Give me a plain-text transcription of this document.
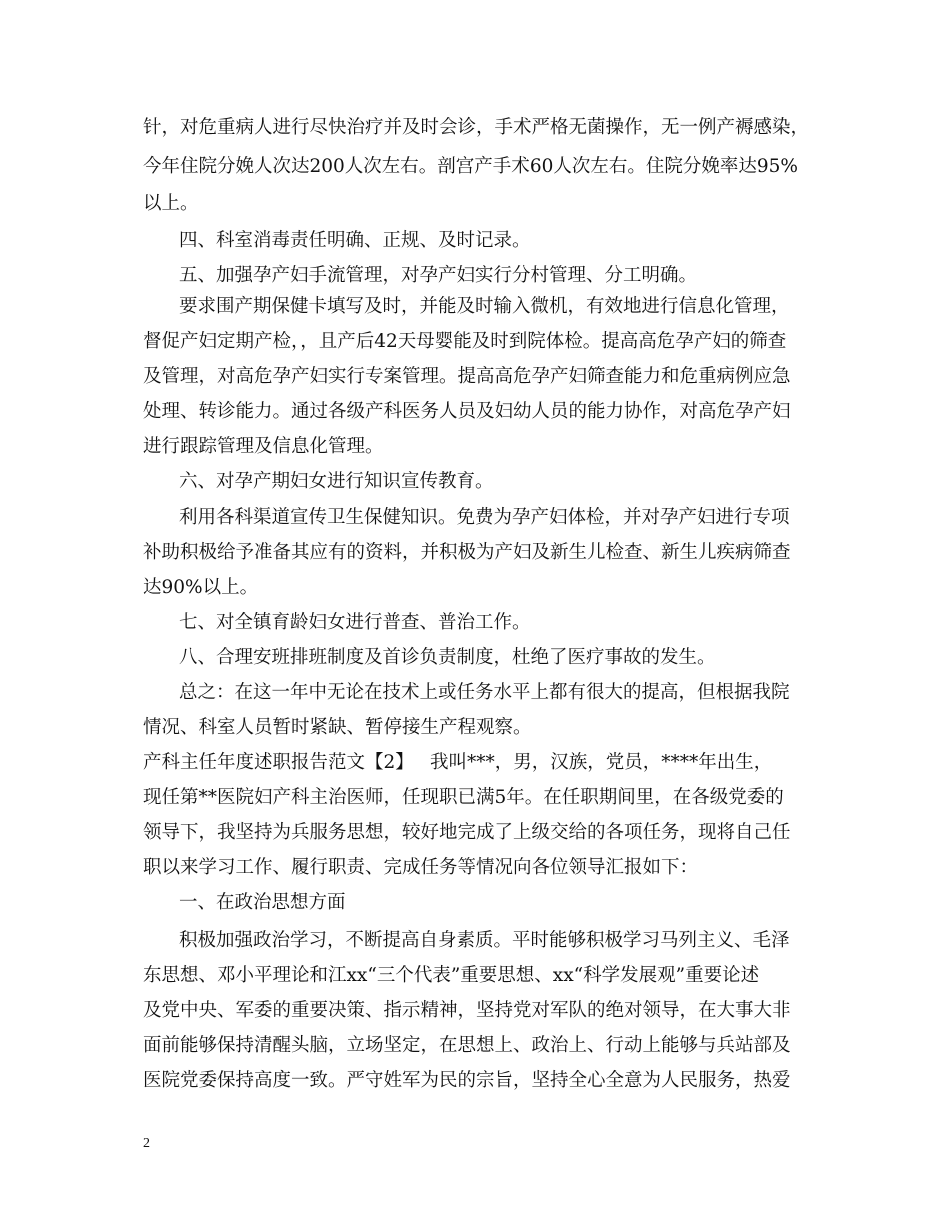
针，对危重病人进行尽快治疗并及时会诊，手术严格无菌操作，无一例产褥感染，
今年住院分娩人次达200人次左右。剖宫产手术60人次左右。住院分娩率达95%
以上。
四、科室消毒责任明确、正规、及时记录。
五、加强孕产妇手流管理，对孕产妇实行分村管理、分工明确。
要求围产期保健卡填写及时，并能及时输入微机，有效地进行信息化管理，
督促产妇定期产检，，且产后42天母婴能及时到院体检。提高高危孕产妇的筛查
及管理，对高危孕产妇实行专案管理。提高高危孕产妇筛查能力和危重病例应急
处理、转诊能力。通过各级产科医务人员及妇幼人员的能力协作，对高危孕产妇
进行跟踪管理及信息化管理。
六、对孕产期妇女进行知识宣传教育。
利用各科渠道宣传卫生保健知识。免费为孕产妇体检，并对孕产妇进行专项
补助积极给予准备其应有的资料，并积极为产妇及新生儿检查、新生儿疾病筛查
达90%以上。
七、对全镇育龄妇女进行普查、普治工作。
八、合理安班排班制度及首诊负责制度，杜绝了医疗事故的发生。
总之：在这一年中无论在技术上或任务水平上都有很大的提高，但根据我院
情况、科室人员暂时紧缺、暂停接生产程观察。
产科主任年度述职报告范文【2】 我叫***，男，汉族，党员，****年出生，
现任第**医院妇产科主治医师，任现职已满5年。在任职期间里，在各级党委的
领导下，我坚持为兵服务思想，较好地完成了上级交给的各项任务，现将自己任
职以来学习工作、履行职责、完成任务等情况向各位领导汇报如下：
一、在政治思想方面
积极加强政治学习，不断提高自身素质。平时能够积极学习马列主义、毛泽
东思想、邓小平理论和江xx“三个代表”重要思想、xx“科学发展观”重要论述
及党中央、军委的重要决策、指示精神，坚持党对军队的绝对领导，在大事大非
面前能够保持清醒头脑，立场坚定，在思想上、政治上、行动上能够与兵站部及
医院党委保持高度一致。严守姓军为民的宗旨，坚持全心全意为人民服务，热爱
2
